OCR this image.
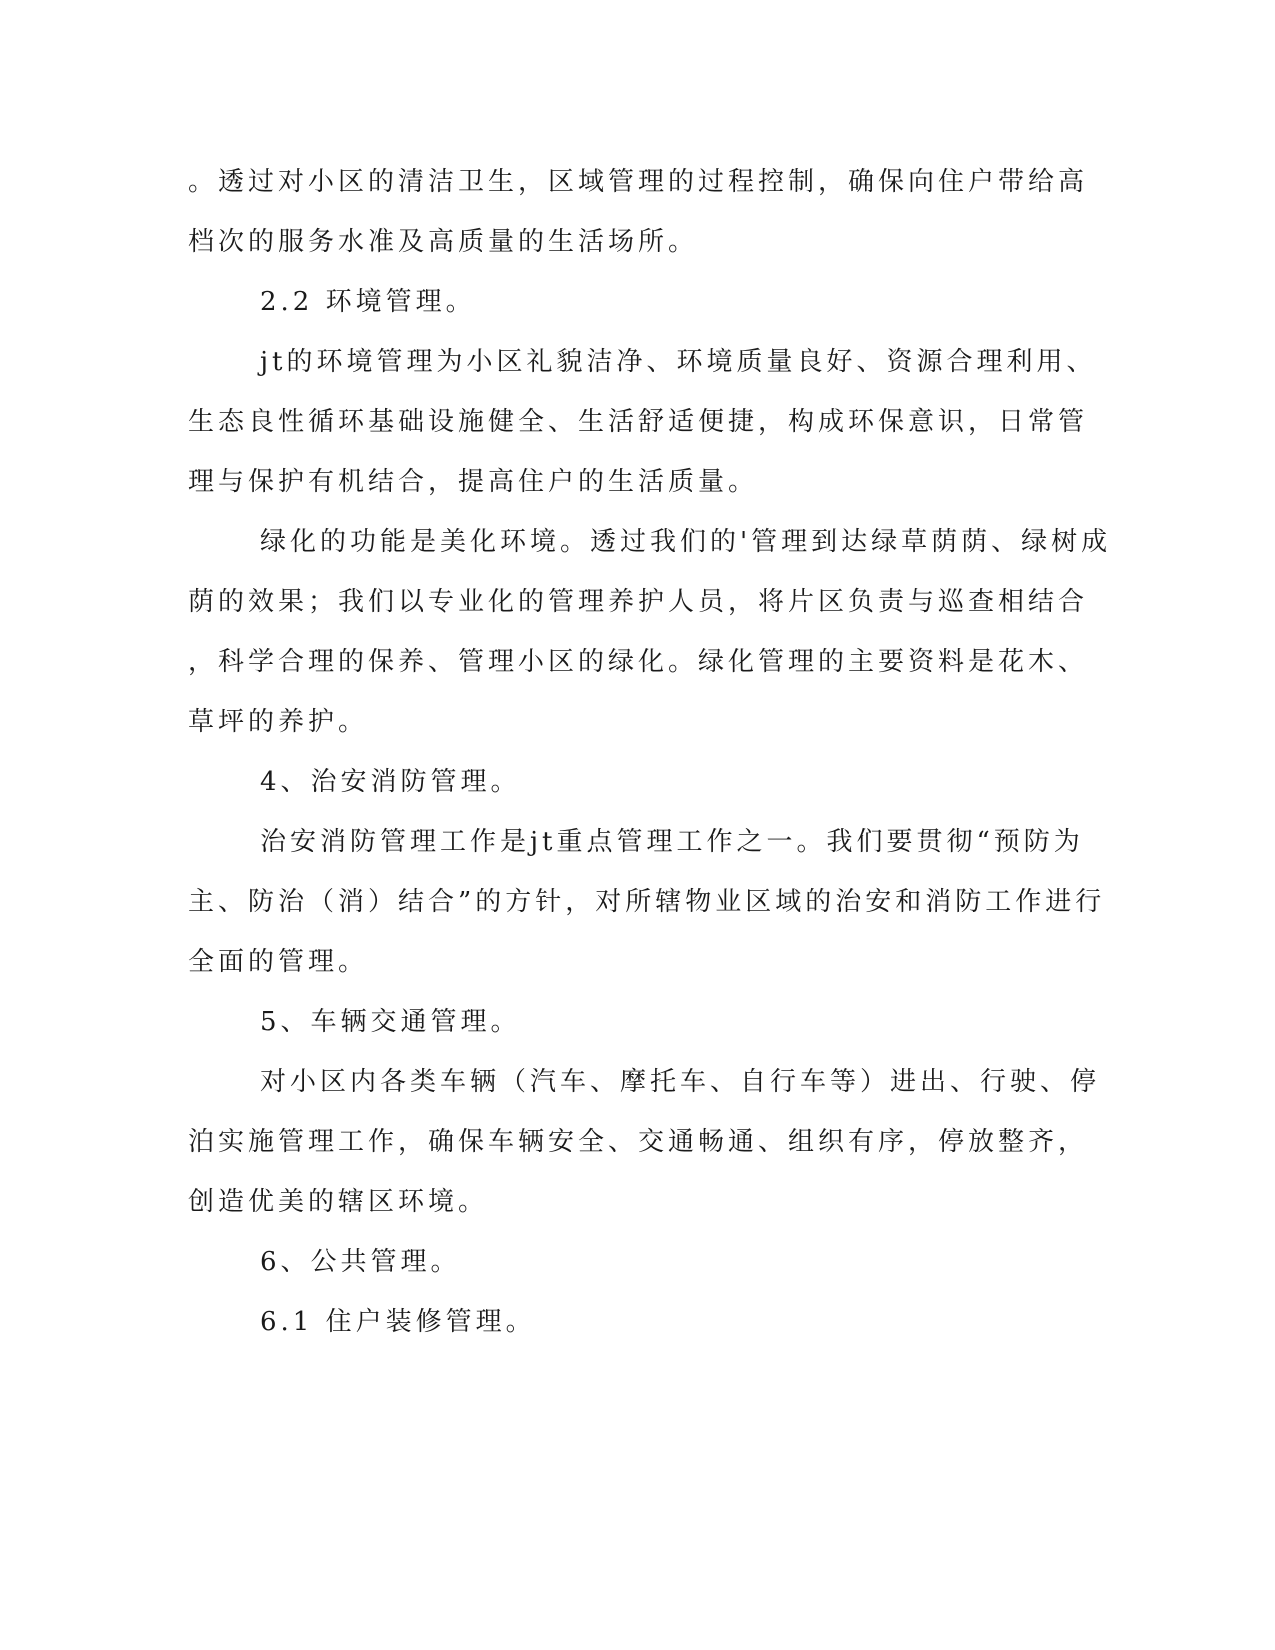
。透过对小区的清洁卫生，区域管理的过程控制，确保向住户带给高
档次的服务水准及高质量的生活场所。
2.2 环境管理。
jt的环境管理为小区礼貌洁净、环境质量良好、资源合理利用、
生态良性循环基础设施健全、生活舒适便捷，构成环保意识，日常管
理与保护有机结合，提高住户的生活质量。
绿化的功能是美化环境。透过我们的'管理到达绿草荫荫、绿树成
荫的效果；我们以专业化的管理养护人员，将片区负责与巡查相结合
，科学合理的保养、管理小区的绿化。绿化管理的主要资料是花木、
草坪的养护。
4、治安消防管理。
治安消防管理工作是jt重点管理工作之一。我们要贯彻“预防为
主、防治（消）结合”的方针，对所辖物业区域的治安和消防工作进行
全面的管理。
5、车辆交通管理。
对小区内各类车辆（汽车、摩托车、自行车等）进出、行驶、停
泊实施管理工作，确保车辆安全、交通畅通、组织有序，停放整齐，
创造优美的辖区环境。
6、公共管理。
6.1 住户装修管理。
